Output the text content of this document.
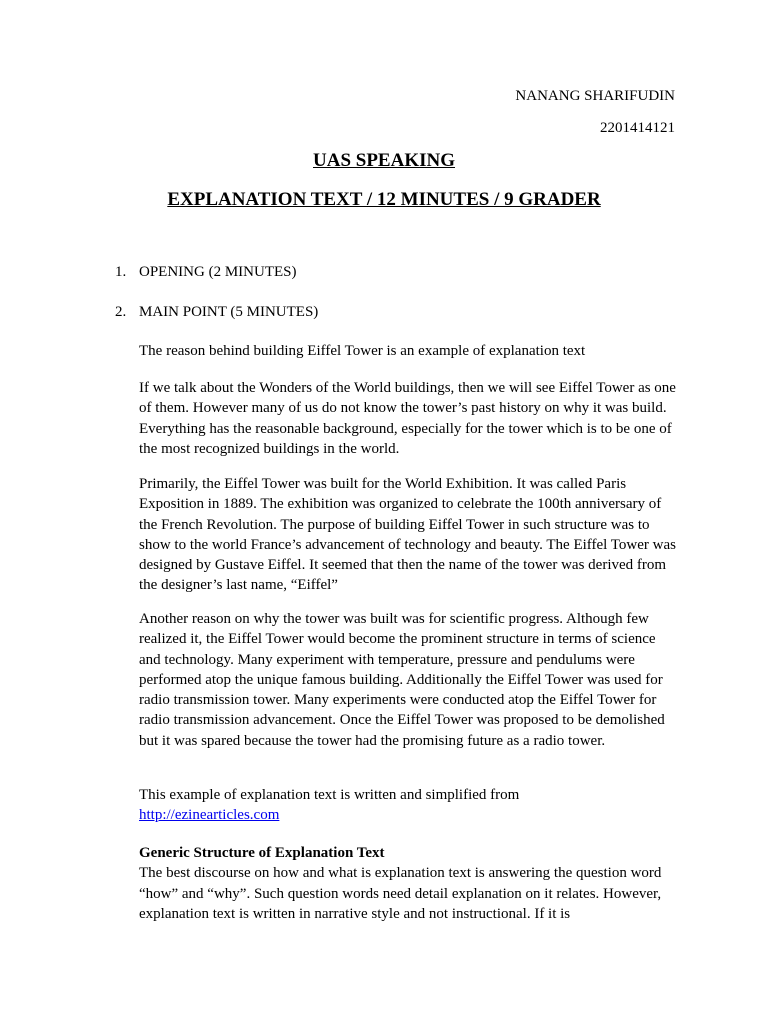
NANANG SHARIFUDIN
2201414121
UAS SPEAKING
EXPLANATION TEXT / 12 MINUTES / 9 GRADER
1. OPENING (2 MINUTES)
2. MAIN POINT (5 MINUTES)

The reason behind building Eiffel Tower is an example of explanation text

If we talk about the Wonders of the World buildings, then we will see Eiffel Tower as one of them. However many of us do not know the tower’s past history on why it was build. Everything has the reasonable background, especially for the tower which is to be one of the most recognized buildings in the world.

Primarily, the Eiffel Tower was built for the World Exhibition. It was called Paris Exposition in 1889. The exhibition was organized to celebrate the 100th anniversary of the French Revolution. The purpose of building Eiffel Tower in such structure was to show to the world France’s advancement of technology and beauty. The Eiffel Tower was designed by Gustave Eiffel. It seemed that then the name of the tower was derived from the designer’s last name, “Eiffel”

Another reason on why the tower was built was for scientific progress. Although few realized it, the Eiffel Tower would become the prominent structure in terms of science and technology. Many experiment with temperature, pressure and pendulums were performed atop the unique famous building. Additionally the Eiffel Tower was used for radio transmission tower. Many experiments were conducted atop the Eiffel Tower for radio transmission advancement. Once the Eiffel Tower was proposed to be demolished but it was spared because the tower had the promising future as a radio tower.

This example of explanation text is written and simplified from

http://ezinearticles.com

Generic Structure of Explanation Text

The best discourse on how and what is explanation text is answering the question word “how” and “why”. Such question words need detail explanation on it relates. However, explanation text is written in narrative style and not instructional. If it is
